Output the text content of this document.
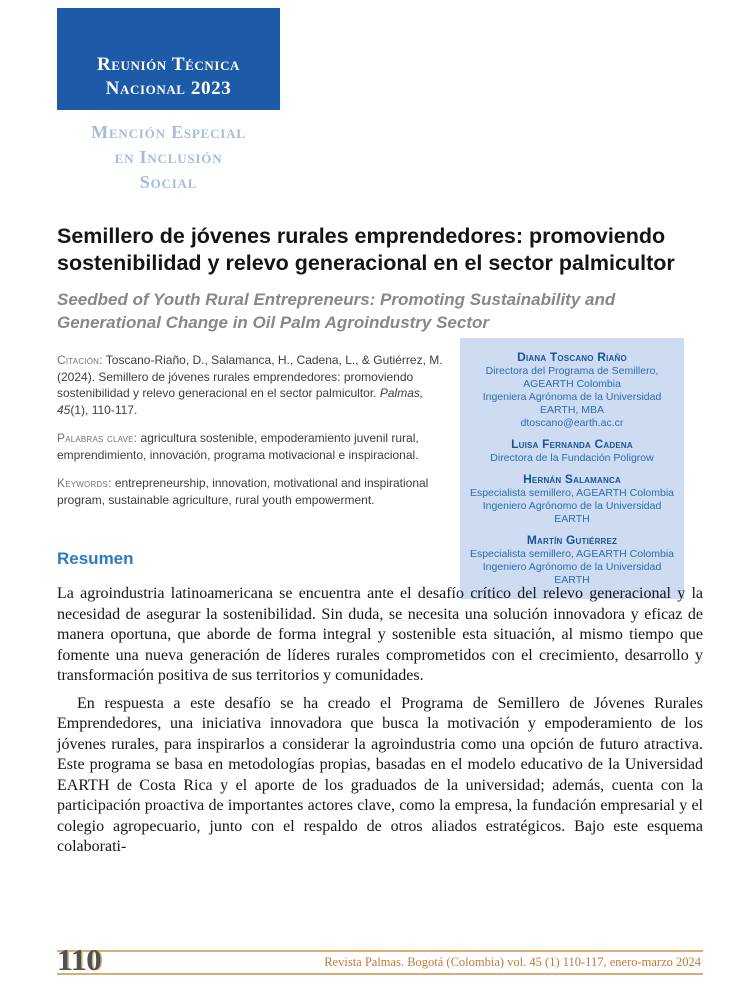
Reunión Técnica
Nacional 2023
Mención Especial
en Inclusión
Social
Semillero de jóvenes rurales emprendedores: promoviendo sostenibilidad y relevo generacional en el sector palmicultor
Seedbed of Youth Rural Entrepreneurs: Promoting Sustainability and Generational Change in Oil Palm Agroindustry Sector

Citación: Toscano-Riaño, D., Salamanca, H., Cadena, L., & Gutiérrez, M. (2024). Semillero de jóvenes rurales emprendedores: promoviendo sostenibilidad y relevo generacional en el sector palmicultor. Palmas, 45(1), 110-117.

Palabras clave: agricultura sostenible, empoderamiento juvenil rural, emprendimiento, innovación, programa motivacional e inspiracional.

Keywords: entrepreneurship, innovation, motivational and inspirational program, sustainable agriculture, rural youth empowerment.

Diana Toscano Riaño
Directora del Programa de Semillero, AGEARTH Colombia
Ingeniera Agrónoma de la Universidad EARTH, MBA
dtoscano@earth.ac.cr
Luisa Fernanda Cadena
Directora de la Fundación Poligrow
Hernán Salamanca
Especialista semillero, AGEARTH Colombia
Ingeniero Agrónomo de la Universidad EARTH
Martín Gutiérrez
Especialista semillero, AGEARTH Colombia
Ingeniero Agrónomo de la Universidad EARTH
Resumen

La agroindustria latinoamericana se encuentra ante el desafío crítico del relevo generacional y la necesidad de asegurar la sostenibilidad. Sin duda, se necesita una solución innovadora y eficaz de manera oportuna, que aborde de forma integral y sostenible esta situación, al mismo tiempo que fomente una nueva generación de líderes rurales comprometidos con el crecimiento, desarrollo y transformación positiva de sus territorios y comunidades.

En respuesta a este desafío se ha creado el Programa de Semillero de Jóvenes Rurales Emprendedores, una iniciativa innovadora que busca la motivación y empoderamiento de los jóvenes rurales, para inspirarlos a considerar la agroindustria como una opción de futuro atractiva. Este programa se basa en metodologías propias, basadas en el modelo educativo de la Universidad EARTH de Costa Rica y el aporte de los graduados de la universidad; además, cuenta con la participación proactiva de importantes actores clave, como la empresa, la fundación empresarial y el colegio agropecuario, junto con el respaldo de otros aliados estratégicos. Bajo este esquema colaborati-

110	Revista Palmas. Bogotá (Colombia) vol. 45 (1) 110-117, enero-marzo 2024
